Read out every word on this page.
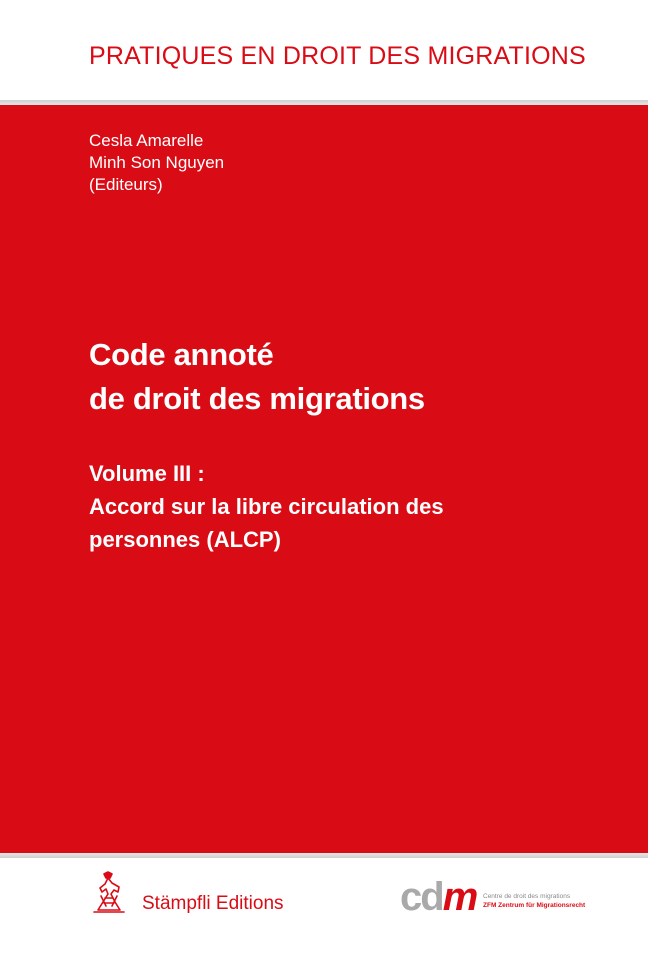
PRATIQUES EN DROIT DES MIGRATIONS
Cesla Amarelle
Minh Son Nguyen
(Editeurs)
Code annoté
de droit des migrations
Volume III :
Accord sur la libre circulation des
personnes (ALCP)
Stämpfli Editions	cdm Centre de droit des migrations
ZFM Zentrum für Migrationsrecht
